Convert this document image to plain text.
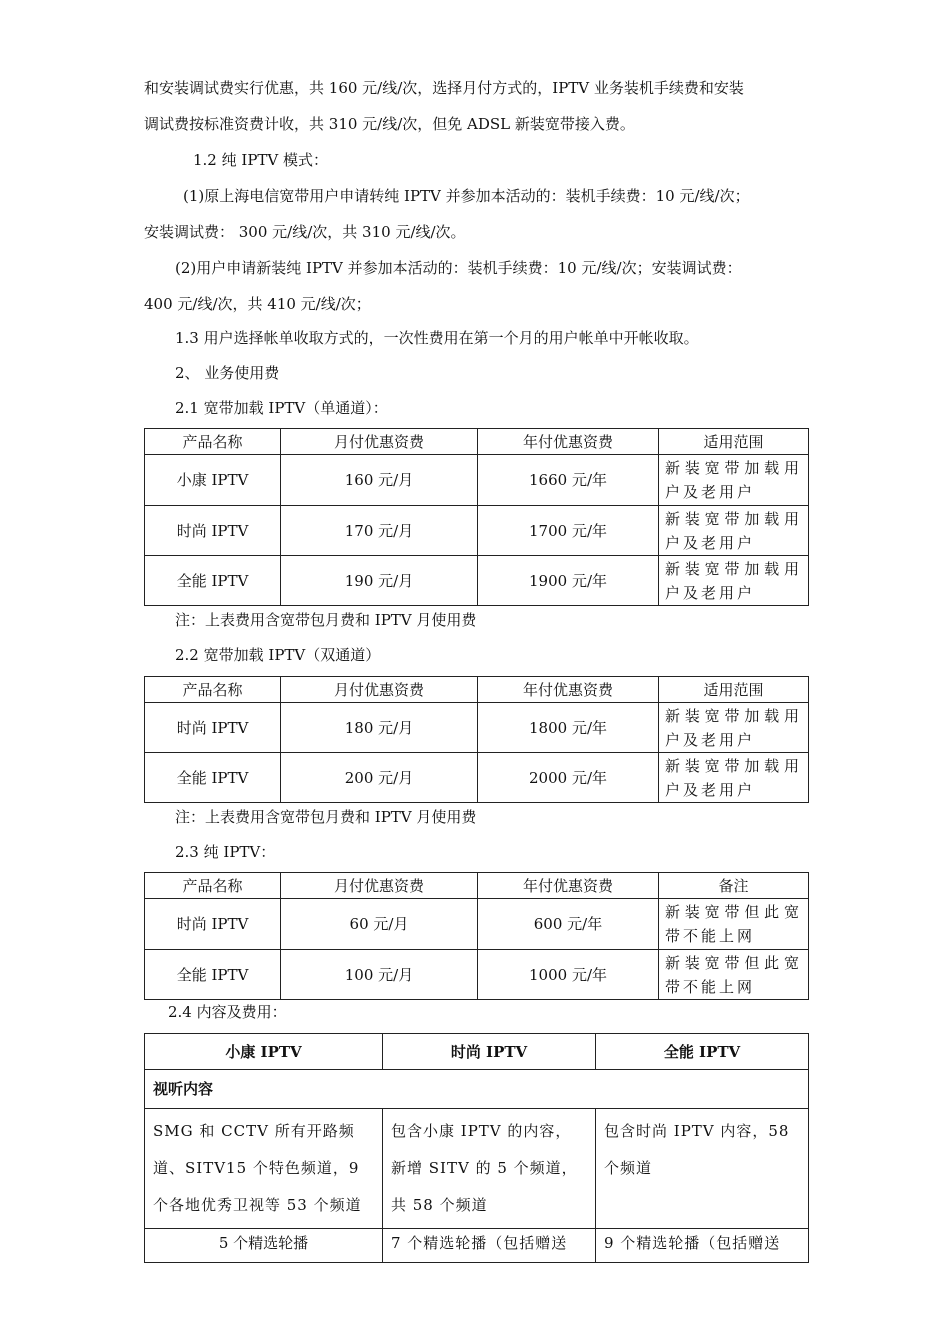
和安装调试费实行优惠，共 160 元/线/次，选择月付方式的，IPTV 业务装机手续费和安装
调试费按标准资费计收，共 310 元/线/次，但免 ADSL 新装宽带接入费。
1.2 纯 IPTV 模式：
(1)原上海电信宽带用户申请转纯 IPTV 并参加本活动的：装机手续费：10 元/线/次；
安装调试费： 300 元/线/次，共 310 元/线/次。
(2)用户申请新装纯 IPTV 并参加本活动的：装机手续费：10 元/线/次；安装调试费：
400 元/线/次，共 410 元/线/次；
1.3 用户选择帐单收取方式的，一次性费用在第一个月的用户帐单中开帐收取。
2、 业务使用费
2.1 宽带加载 IPTV（单通道）：
产品名称	月付优惠资费	年付优惠资费	适用范围
小康 IPTV	160 元/月	1660 元/年	新装宽带加载用户及老用户
时尚 IPTV	170 元/月	1700 元/年	新装宽带加载用户及老用户
全能 IPTV	190 元/月	1900 元/年	新装宽带加载用户及老用户
注：上表费用含宽带包月费和 IPTV 月使用费
2.2 宽带加载 IPTV（双通道）
产品名称	月付优惠资费	年付优惠资费	适用范围
时尚 IPTV	180 元/月	1800 元/年	新装宽带加载用户及老用户
全能 IPTV	200 元/月	2000 元/年	新装宽带加载用户及老用户
注：上表费用含宽带包月费和 IPTV 月使用费
2.3 纯 IPTV：
产品名称	月付优惠资费	年付优惠资费	备注
时尚 IPTV	60 元/月	600 元/年	新装宽带但此宽带不能上网
全能 IPTV	100 元/月	1000 元/年	新装宽带但此宽带不能上网
2.4 内容及费用：
小康 IPTV	时尚 IPTV	全能 IPTV
视听内容		
SMG 和 CCTV 所有开路频道、SITV15 个特色频道，9 个各地优秀卫视等 53 个频道	包含小康 IPTV 的内容，新增 SITV 的 5 个频道，共 58 个频道	包含时尚 IPTV 内容，58 个频道
5 个精选轮播	7 个精选轮播（包括赠送	9 个精选轮播（包括赠送
